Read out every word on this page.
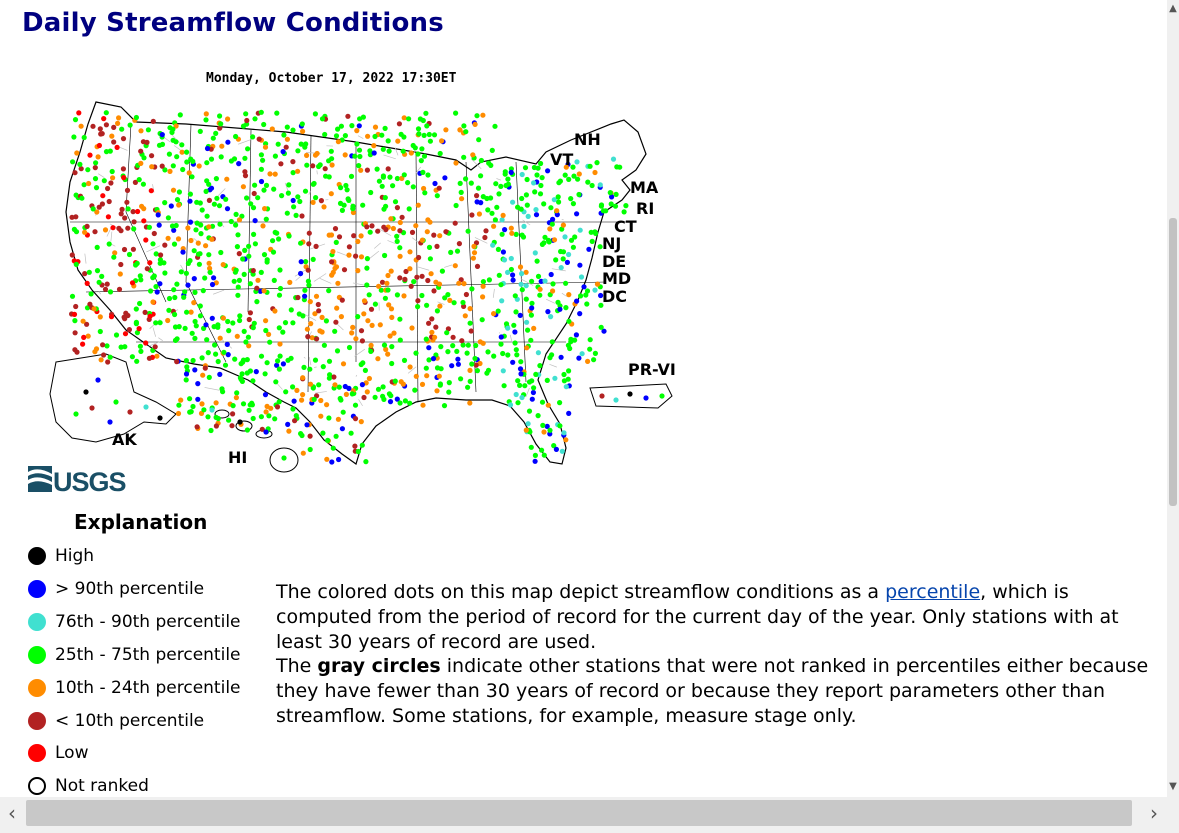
Daily Streamflow Conditions
Monday, October 17, 2022 17:30ET
NH
VT
MA
RI
CT
NJ
DE
MD
DC
PR-VI
AK
HI
USGS
Explanation
High
> 90th percentile
76th - 90th percentile
25th - 75th percentile
10th - 24th percentile
< 10th percentile
Low
Not ranked

The colored dots on this map depict streamflow conditions as a percentile, which is computed from the period of record for the current day of the year. Only stations with at least 30 years of record are used.

The gray circles indicate other stations that were not ranked in percentiles either because they have fewer than 30 years of record or because they report parameters other than streamflow. Some stations, for example, measure stage only.

▲
▼
‹	›
